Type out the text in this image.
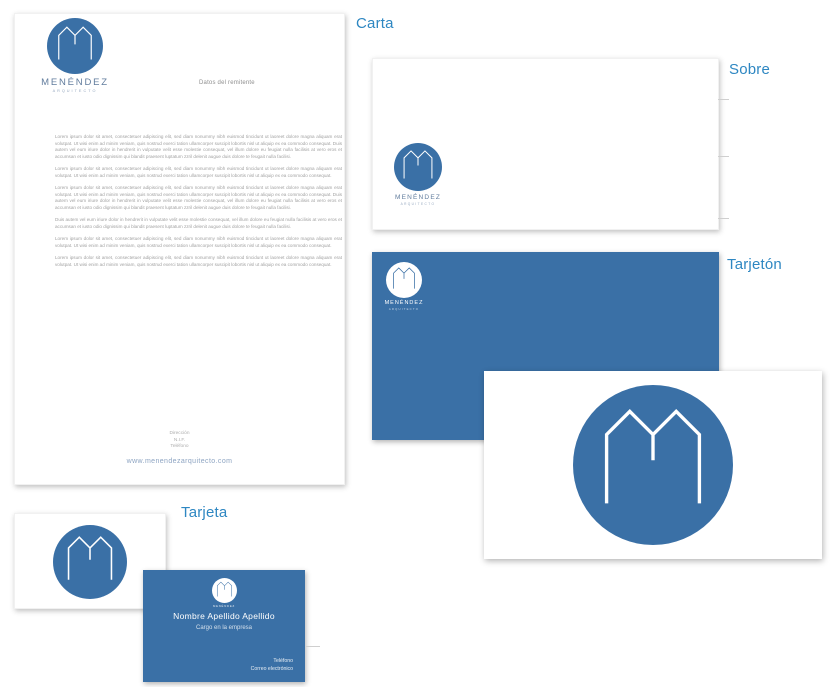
MENÉNDEZ
ARQUITECTO
MENÉNDEZ
ARQUITECTO
MENÉNDEZ
ARQUITECTO
Datos del remitente

Lorem ipsum dolor sit amet, consectetuer adipiscing elit, sed diam nonummy nibh euismod tincidunt ut laoreet dolore magna aliquam erat volutpat. Ut wisi enim ad minim veniam, quis nostrud exerci tation ullamcorper suscipit lobortis nisl ut aliquip ex ea commodo consequat. Duis autem vel eum iriure dolor in hendrerit in vulputate velit esse molestie consequat, vel illum dolore eu feugiat nulla facilisis at vero eros et accumsan et iusto odio dignissim qui blandit praesent luptatum zzril delenit augue duis dolore te feugait nulla facilisi.

Lorem ipsum dolor sit amet, consectetuer adipiscing elit, sed diam nonummy nibh euismod tincidunt ut laoreet dolore magna aliquam erat volutpat. Ut wisi enim ad minim veniam, quis nostrud exerci tation ullamcorper suscipit lobortis nisl ut aliquip ex ea commodo consequat.

Lorem ipsum dolor sit amet, consectetuer adipiscing elit, sed diam nonummy nibh euismod tincidunt ut laoreet dolore magna aliquam erat volutpat. Ut wisi enim ad minim veniam, quis nostrud exerci tation ullamcorper suscipit lobortis nisl ut aliquip ex ea commodo consequat. Duis autem vel eum iriure dolor in hendrerit in vulputate velit esse molestie consequat, vel illum dolore eu feugiat nulla facilisis at vero eros et accumsan et iusto odio dignissim qui blandit praesent luptatum zzril delenit augue duis dolore te feugait nulla facilisi.

Duis autem vel eum iriure dolor in hendrerit in vulputate velit esse molestie consequat, vel illum dolore eu feugiat nulla facilisis at vero eros et accumsan et iusto odio dignissim qui blandit praesent luptatum zzril delenit augue duis dolore te feugait nulla facilisi.

Lorem ipsum dolor sit amet, consectetuer adipiscing elit, sed diam nonummy nibh euismod tincidunt ut laoreet dolore magna aliquam erat volutpat. Ut wisi enim ad minim veniam, quis nostrud exerci tation ullamcorper suscipit lobortis nisl ut aliquip ex ea commodo consequat.

Lorem ipsum dolor sit amet, consectetuer adipiscing elit, sed diam nonummy nibh euismod tincidunt ut laoreet dolore magna aliquam erat volutpat. Ut wisi enim ad minim veniam, quis nostrud exerci tation ullamcorper suscipit lobortis nisl ut aliquip ex ea commodo consequat.

Dirección
N.I.F.
Teléfono
www.menendezarquitecto.com
MENÉNDEZ
Nombre Apellido Apellido
Cargo en la empresa
Teléfono
Correo electrónico
Carta
Sobre
Tarjetón
Tarjeta
